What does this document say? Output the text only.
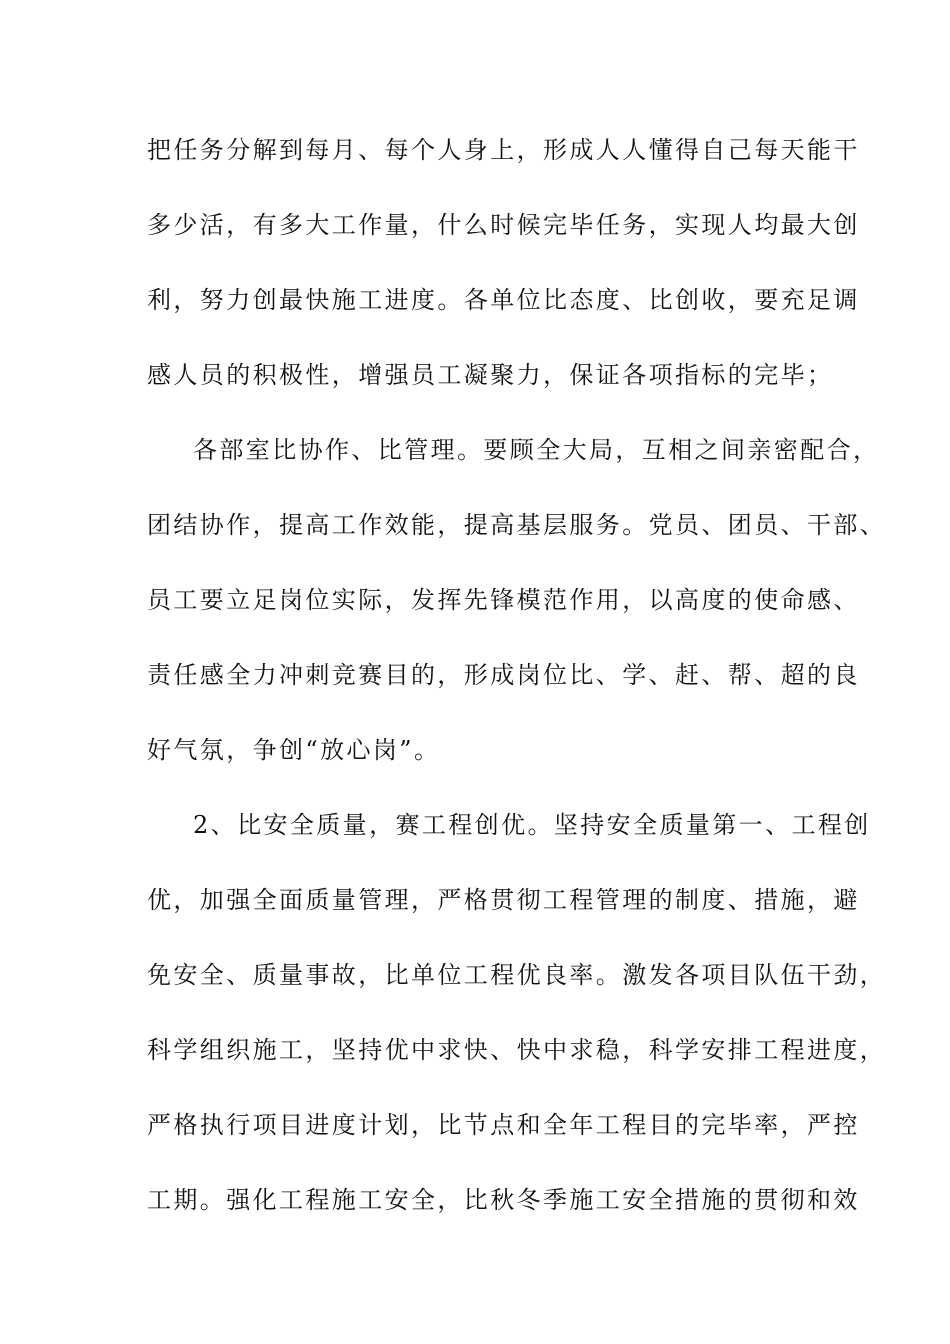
把任务分解到每月、每个人身上，形成人人懂得自己每天能干
多少活，有多大工作量，什么时候完毕任务，实现人均最大创
利，努力创最快施工进度。各单位比态度、比创收，要充足调
感人员的积极性，增强员工凝聚力，保证各项指标的完毕；
各部室比协作、比管理。要顾全大局，互相之间亲密配合，
团结协作，提高工作效能，提高基层服务。党员、团员、干部、
员工要立足岗位实际，发挥先锋模范作用，以高度的使命感、
责任感全力冲刺竞赛目的，形成岗位比、学、赶、帮、超的良
好气氛，争创“放心岗”。
2、比安全质量，赛工程创优。坚持安全质量第一、工程创
优，加强全面质量管理，严格贯彻工程管理的制度、措施，避
免安全、质量事故，比单位工程优良率。激发各项目队伍干劲，
科学组织施工，坚持优中求快、快中求稳，科学安排工程进度，
严格执行项目进度计划，比节点和全年工程目的完毕率，严控
工期。强化工程施工安全，比秋冬季施工安全措施的贯彻和效
